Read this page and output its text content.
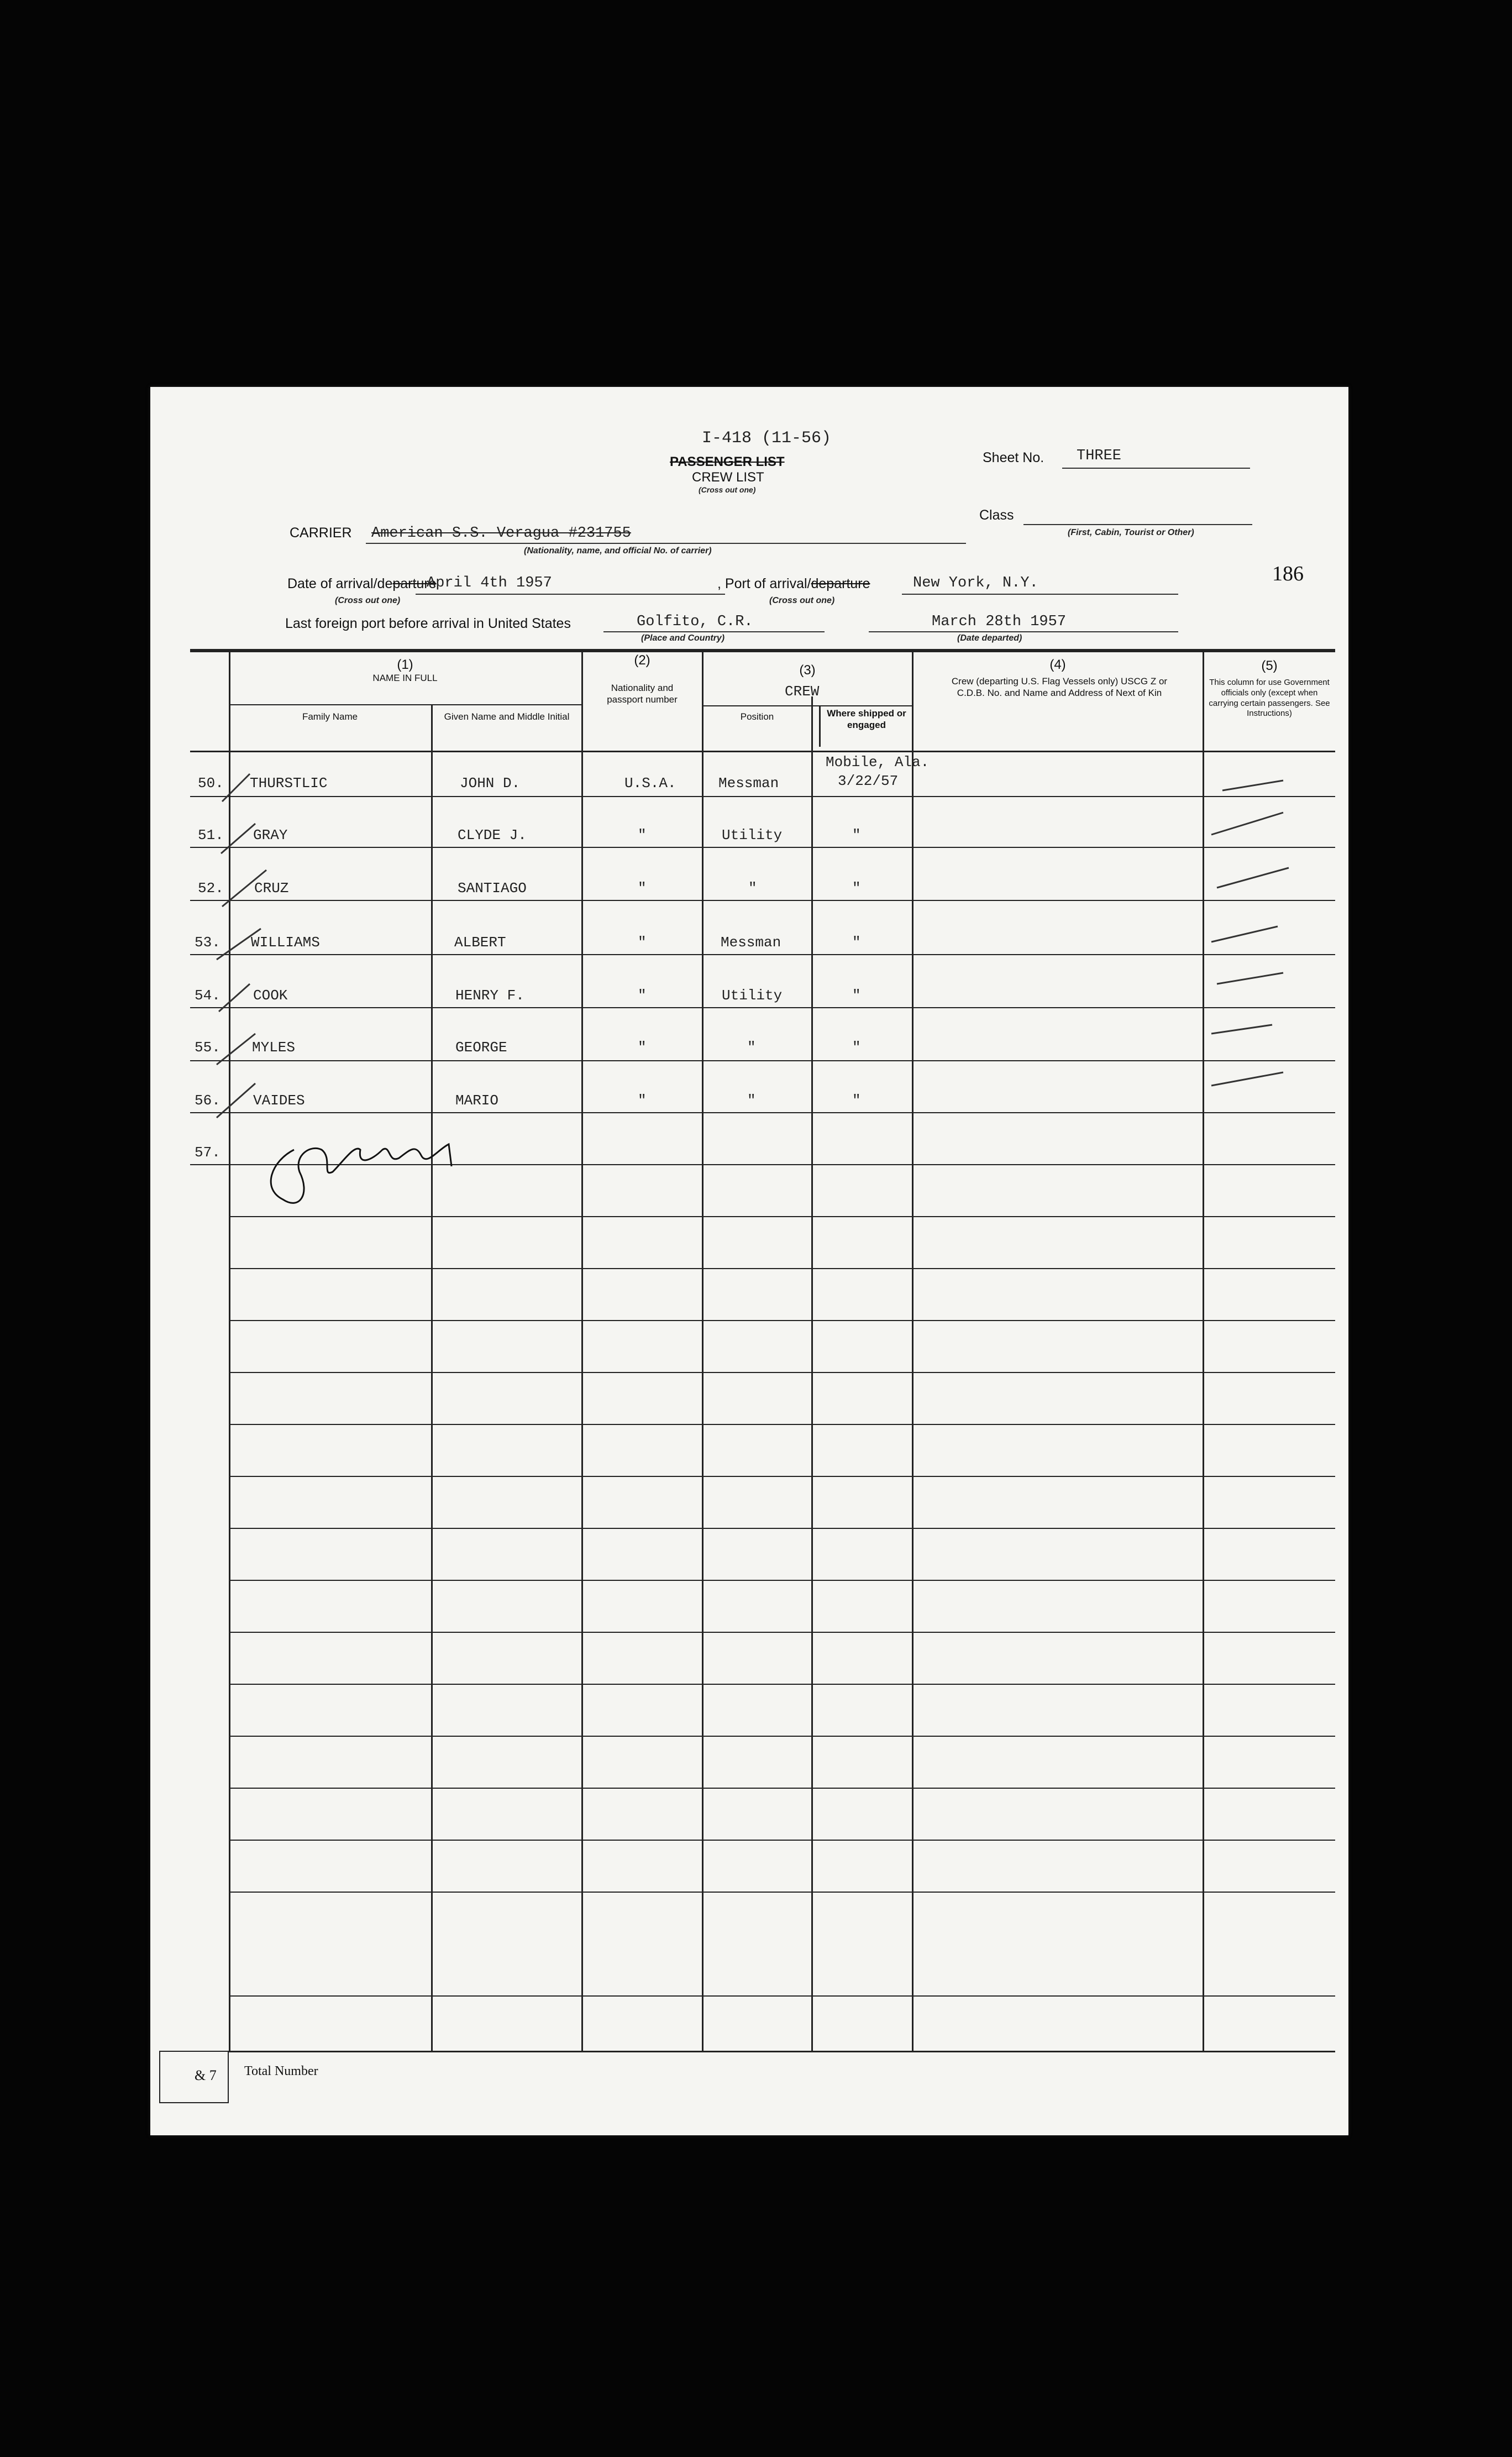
I-418 (11-56)
PASSENGER LIST
CREW LIST
(Cross out one)
Sheet No. THREE
Class
(First, Cabin, Tourist or Other)
CARRIER American S.S. Veragua #231755
(Nationality, name, and official No. of carrier)
Date of arrival/departure
April 4th 1957
(Cross out one)
, Port of arrival/departure	New York, N.Y.
(Cross out one)
186
Last foreign port before arrival in United States	Golfito, C.R.
(Place and Country)
March 28th 1957
(Date departed)
(1)
NAME IN FULL
Family Name	Given Name and Middle Initial
(2)
Nationality and passport number
(3)
CREW
Position	Where shipped or engaged
(4)
Crew (departing U.S. Flag Vessels only) USCG Z or C.D.B. No. and Name and Address of Next of Kin
(5)
This column for use Government officials only (except when carrying certain passengers. See Instructions)
50. THURSTLIC	JOHN D.	U.S.A.	Messman
Mobile, Ala.
3/22/57
51. GRAY	CLYDE J.	"	Utility	"
52. CRUZ	SANTIAGO	"	"	"
53. WILLIAMS	ALBERT	"	Messman	"
54. COOK	HENRY F.	"	Utility	"
55. MYLES	GEORGE	"	"	"
56. VAIDES	MARIO	"	"	"
57.
& 7 Total Number
